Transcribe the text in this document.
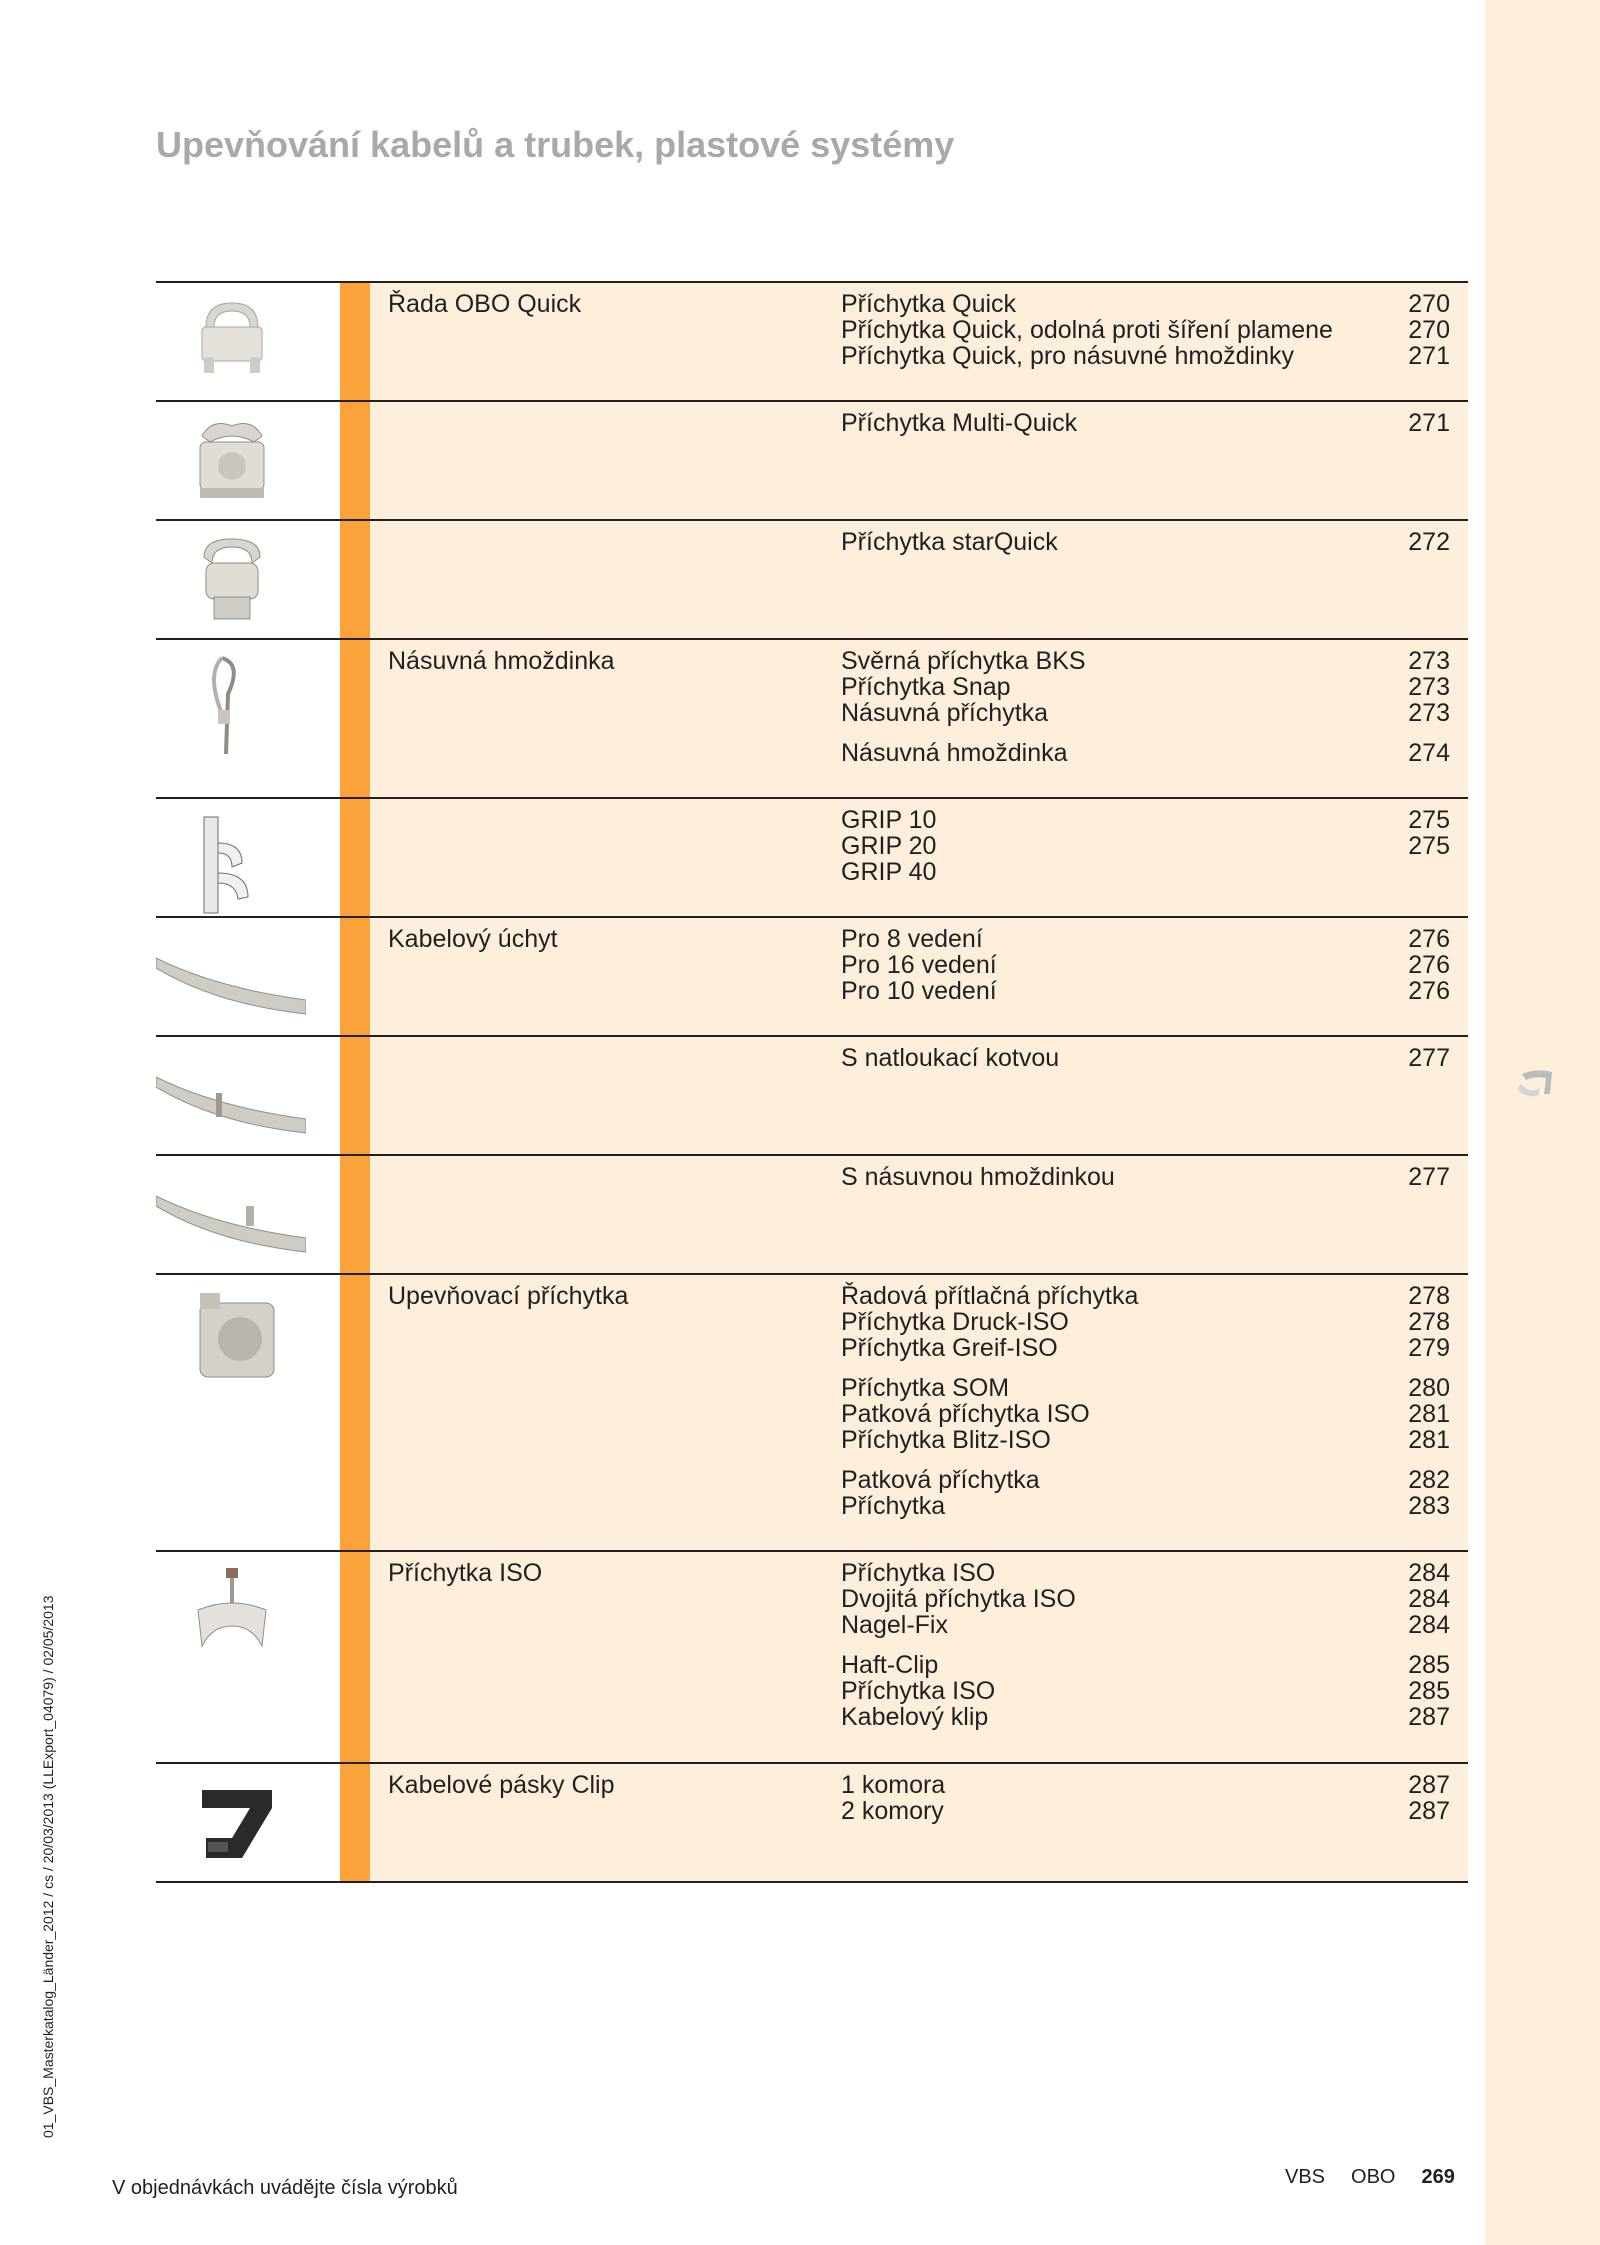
Upevňování kabelů a trubek, plastové systémy
Řada OBO Quick	Příchytka Quick	270
Příchytka Quick, odolná proti šíření plamene	270
Příchytka Quick, pro násuvné hmoždinky	271
Příchytka Multi-Quick	271
Příchytka starQuick	272
Násuvná hmoždinka	Svěrná příchytka BKS	273
Příchytka Snap	273
Násuvná příchytka	273
Násuvná hmoždinka	274
GRIP 10	275
GRIP 20	275
GRIP 40
Kabelový úchyt	Pro 8 vedení	276
Pro 16 vedení	276
Pro 10 vedení	276
S natloukací kotvou	277
S násuvnou hmoždinkou	277
Upevňovací příchytka	Řadová přítlačná příchytka	278
Příchytka Druck-ISO	278
Příchytka Greif-ISO	279
Příchytka SOM	280
Patková příchytka ISO	281
Příchytka Blitz-ISO	281
Patková příchytka	282
Příchytka	283
Příchytka ISO	Příchytka ISO	284
Dvojitá příchytka ISO	284
Nagel-Fix	284
Haft-Clip	285
Příchytka ISO	285
Kabelový klip	287
Kabelové pásky Clip	1 komora	287
2 komory	287
01_VBS_Masterkatalog_Länder_2012 / cs / 20/03/2013 (LLExport_04079) / 02/05/2013
V objednávkách uvádějte čísla výrobků	VBS OBO 269
